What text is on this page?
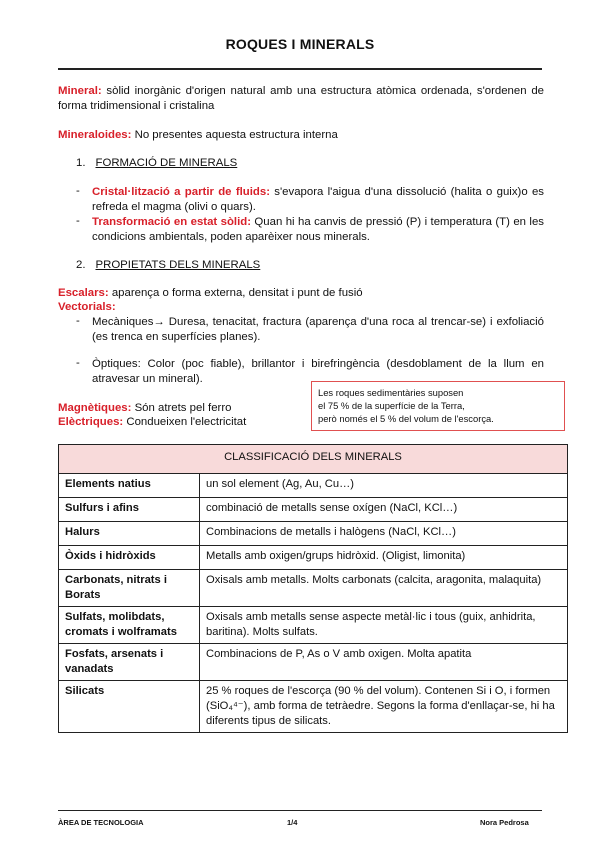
ROQUES I MINERALS
Mineral: sòlid inorgànic d'origen natural amb una estructura atòmica ordenada, s'ordenen de forma tridimensional i cristalina
Mineraloides: No presentes aquesta estructura interna
1. FORMACIÓ DE MINERALS
- Cristal·lització a partir de fluids: s'evapora l'aigua d'una dissolució (halita o guix)o es refreda el magma (olivi o quars).
- Transformació en estat sòlid: Quan hi ha canvis de pressió (P) i temperatura (T) en les condicions ambientals, poden aparèixer nous minerals.
2. PROPIETATS DELS MINERALS
Escalars: aparença o forma externa, densitat i punt de fusió
Vectorials:
- Mecàniques→ Duresa, tenacitat, fractura (aparença d'una roca al trencar-se) i exfoliació (es trenca en superfícies planes).
- Òptiques: Color (poc fiable), brillantor i birefringència (desdoblament de la llum en atravesar un mineral).
Magnètiques: Són atrets pel ferro
Elèctriques: Condueixen l'electricitat
Les roques sedimentàries suposen
el 75 % de la superfície de la Terra,
però només el 5 % del volum de l'escorça.
CLASSIFICACIÓ DELS MINERALS	
Elements natius	un sol element (Ag, Au, Cu…)
Sulfurs i afins	combinació de metalls sense oxígen (NaCl, KCl…)
Halurs	Combinacions de metalls i halògens (NaCl, KCl…)
Òxids i hidròxids	Metalls amb oxigen/grups hidròxid. (Oligist, limonita)
Carbonats, nitrats i Borats	Oxisals amb metalls. Molts carbonats (calcita, aragonita, malaquita)
Sulfats, molibdats, cromats i wolframats	Oxisals amb metalls sense aspecte metàl·lic i tous (guix, anhidrita, baritina). Molts sulfats.
Fosfats, arsenats i vanadats	Combinacions de P, As o V amb oxigen. Molta apatita
Silicats	25 % roques de l'escorça (90 % del volum). Contenen Si i O, i formen (SiO₄⁴⁻), amb forma de tetràedre. Segons la forma d'enllaçar-se, hi ha diferents tipus de silicats.
ÀREA DE TECNOLOGIA	1/4	Nora Pedrosa
